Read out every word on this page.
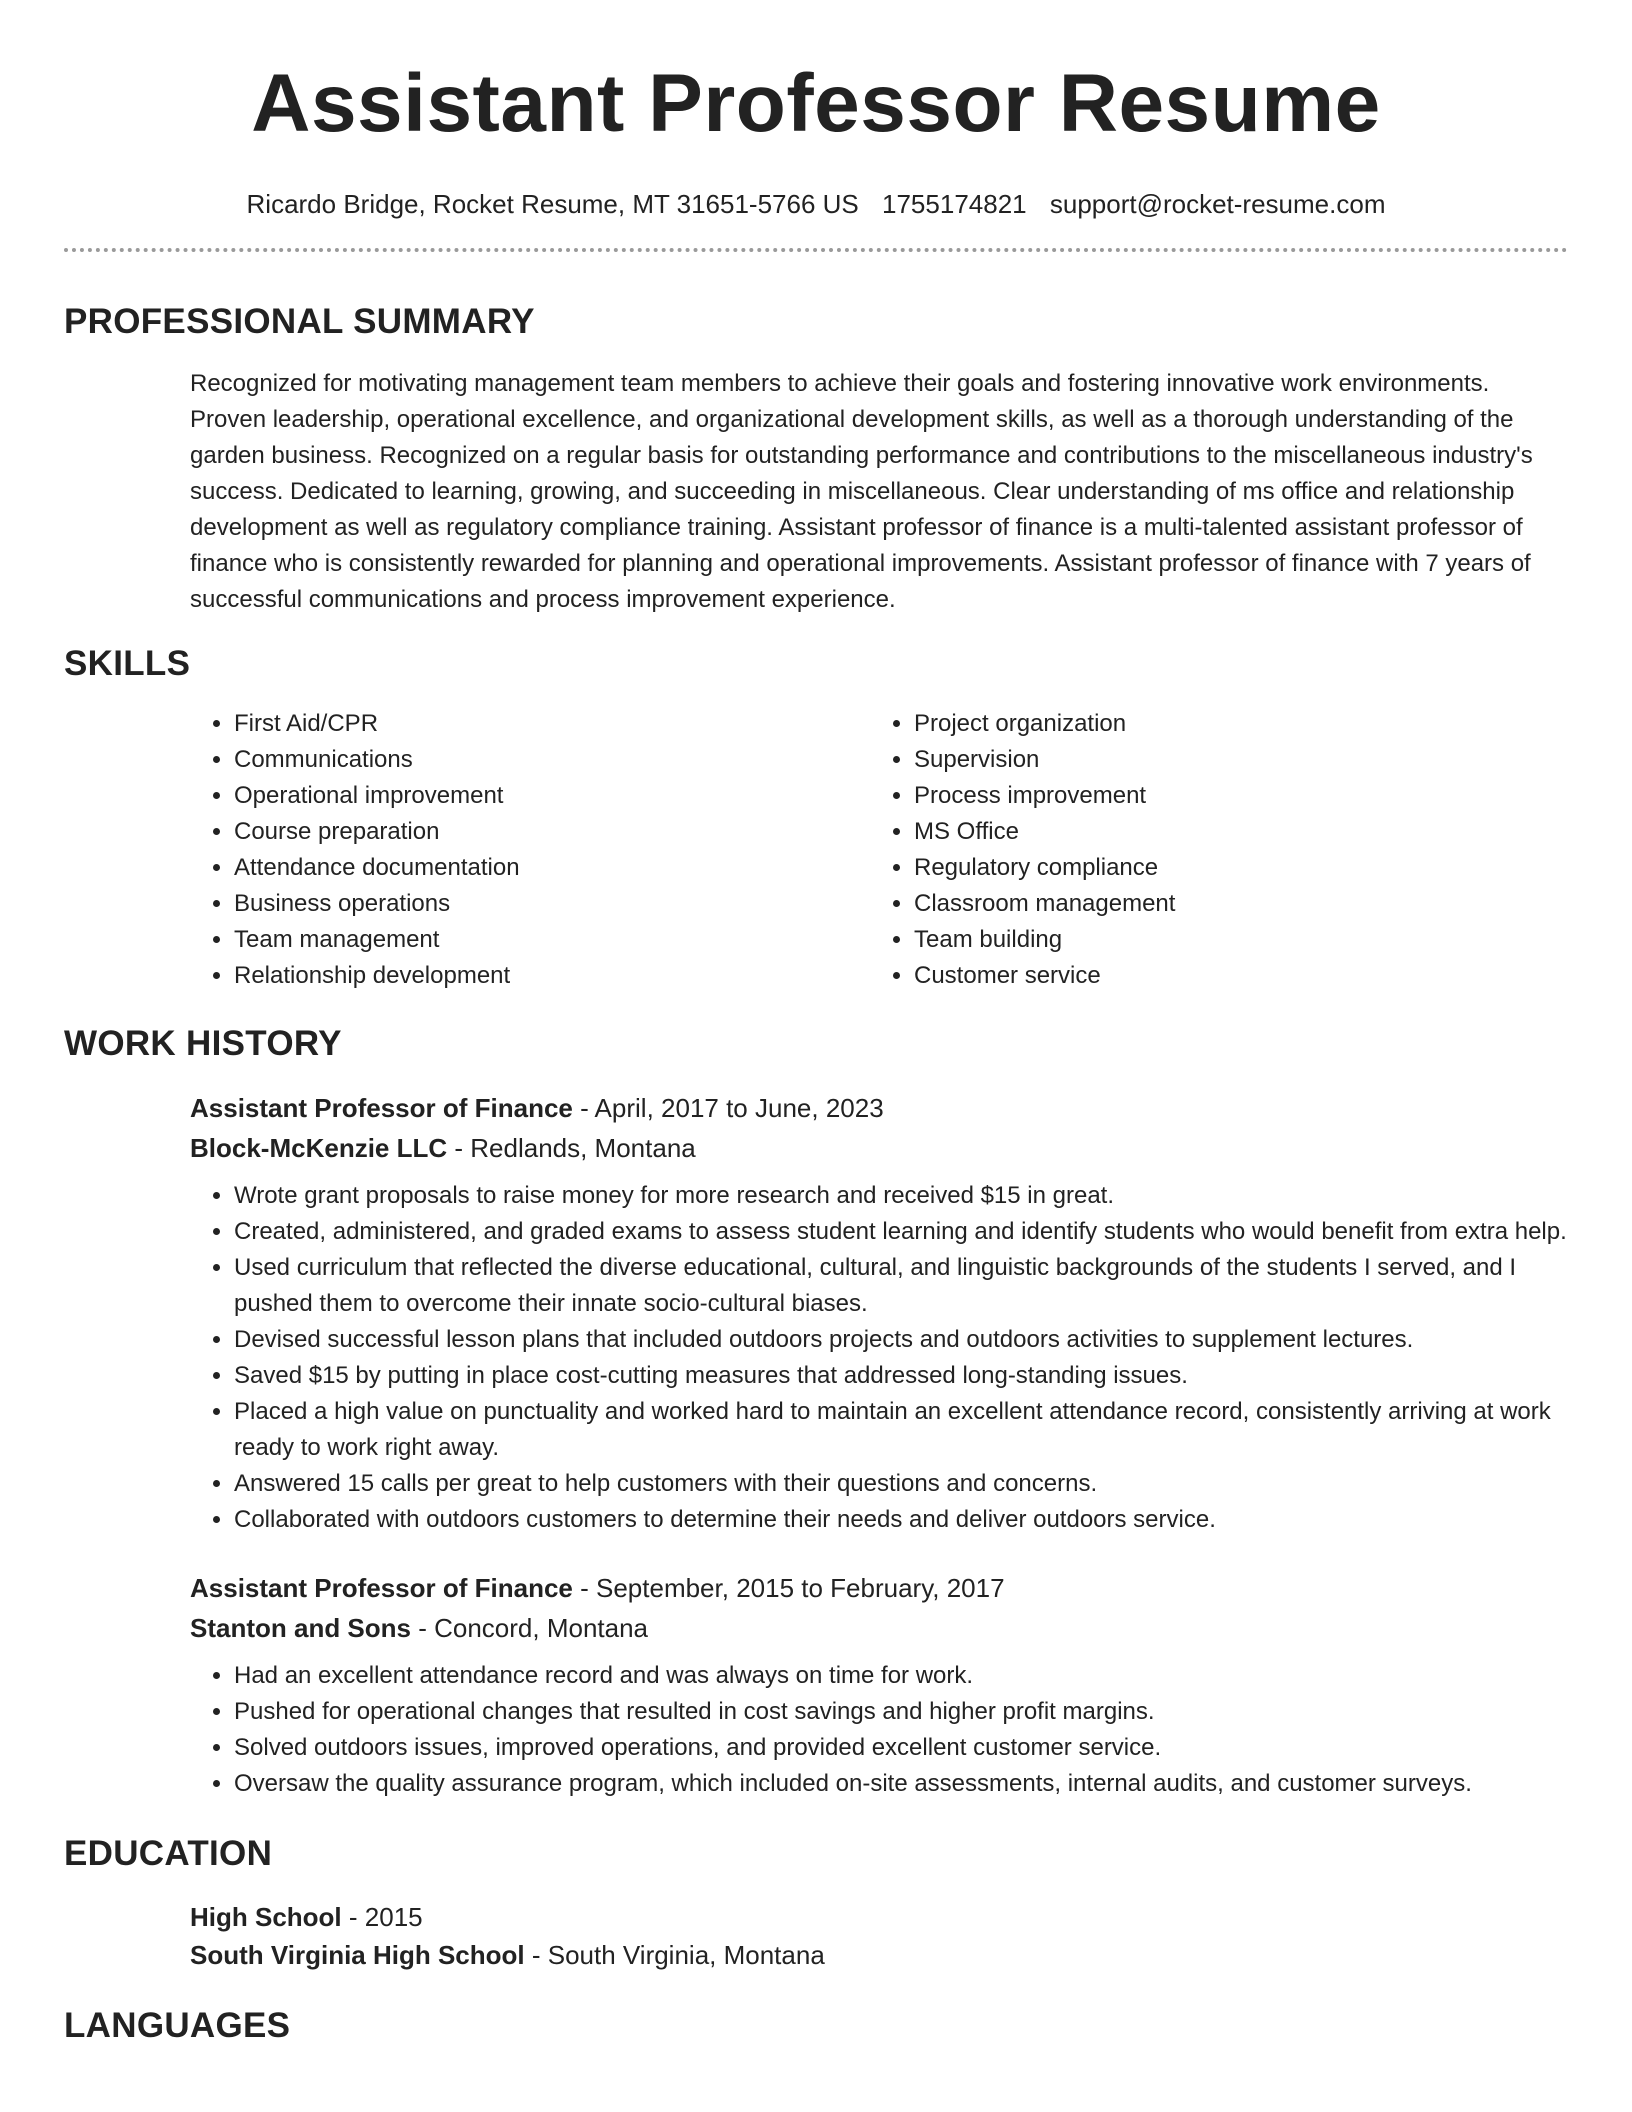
Assistant Professor Resume
Ricardo Bridge, Rocket Resume, MT 31651-5766 US 1755174821 support@rocket-resume.com
PROFESSIONAL SUMMARY

Recognized for motivating management team members to achieve their goals and fostering innovative work environments. Proven leadership, operational excellence, and organizational development skills, as well as a thorough understanding of the garden business. Recognized on a regular basis for outstanding performance and contributions to the miscellaneous industry's success. Dedicated to learning, growing, and succeeding in miscellaneous. Clear understanding of ms office and relationship development as well as regulatory compliance training. Assistant professor of finance is a multi-talented assistant professor of finance who is consistently rewarded for planning and operational improvements. Assistant professor of finance with 7 years of successful communications and process improvement experience.

SKILLS
• First Aid/CPR
• Communications
• Operational improvement
• Course preparation
• Attendance documentation
• Business operations
• Team management
• Relationship development
• Project organization
• Supervision
• Process improvement
• MS Office
• Regulatory compliance
• Classroom management
• Team building
• Customer service
WORK HISTORY
Assistant Professor of Finance - April, 2017 to June, 2023
Block-McKenzie LLC - Redlands, Montana
• Wrote grant proposals to raise money for more research and received $15 in great.
• Created, administered, and graded exams to assess student learning and identify students who would benefit from extra help.
• Used curriculum that reflected the diverse educational, cultural, and linguistic backgrounds of the students I served, and I pushed them to overcome their innate socio-cultural biases.
• Devised successful lesson plans that included outdoors projects and outdoors activities to supplement lectures.
• Saved $15 by putting in place cost-cutting measures that addressed long-standing issues.
• Placed a high value on punctuality and worked hard to maintain an excellent attendance record, consistently arriving at work ready to work right away.
• Answered 15 calls per great to help customers with their questions and concerns.
• Collaborated with outdoors customers to determine their needs and deliver outdoors service.
Assistant Professor of Finance - September, 2015 to February, 2017
Stanton and Sons - Concord, Montana
• Had an excellent attendance record and was always on time for work.
• Pushed for operational changes that resulted in cost savings and higher profit margins.
• Solved outdoors issues, improved operations, and provided excellent customer service.
• Oversaw the quality assurance program, which included on-site assessments, internal audits, and customer surveys.
EDUCATION
High School - 2015
South Virginia High School - South Virginia, Montana
LANGUAGES
